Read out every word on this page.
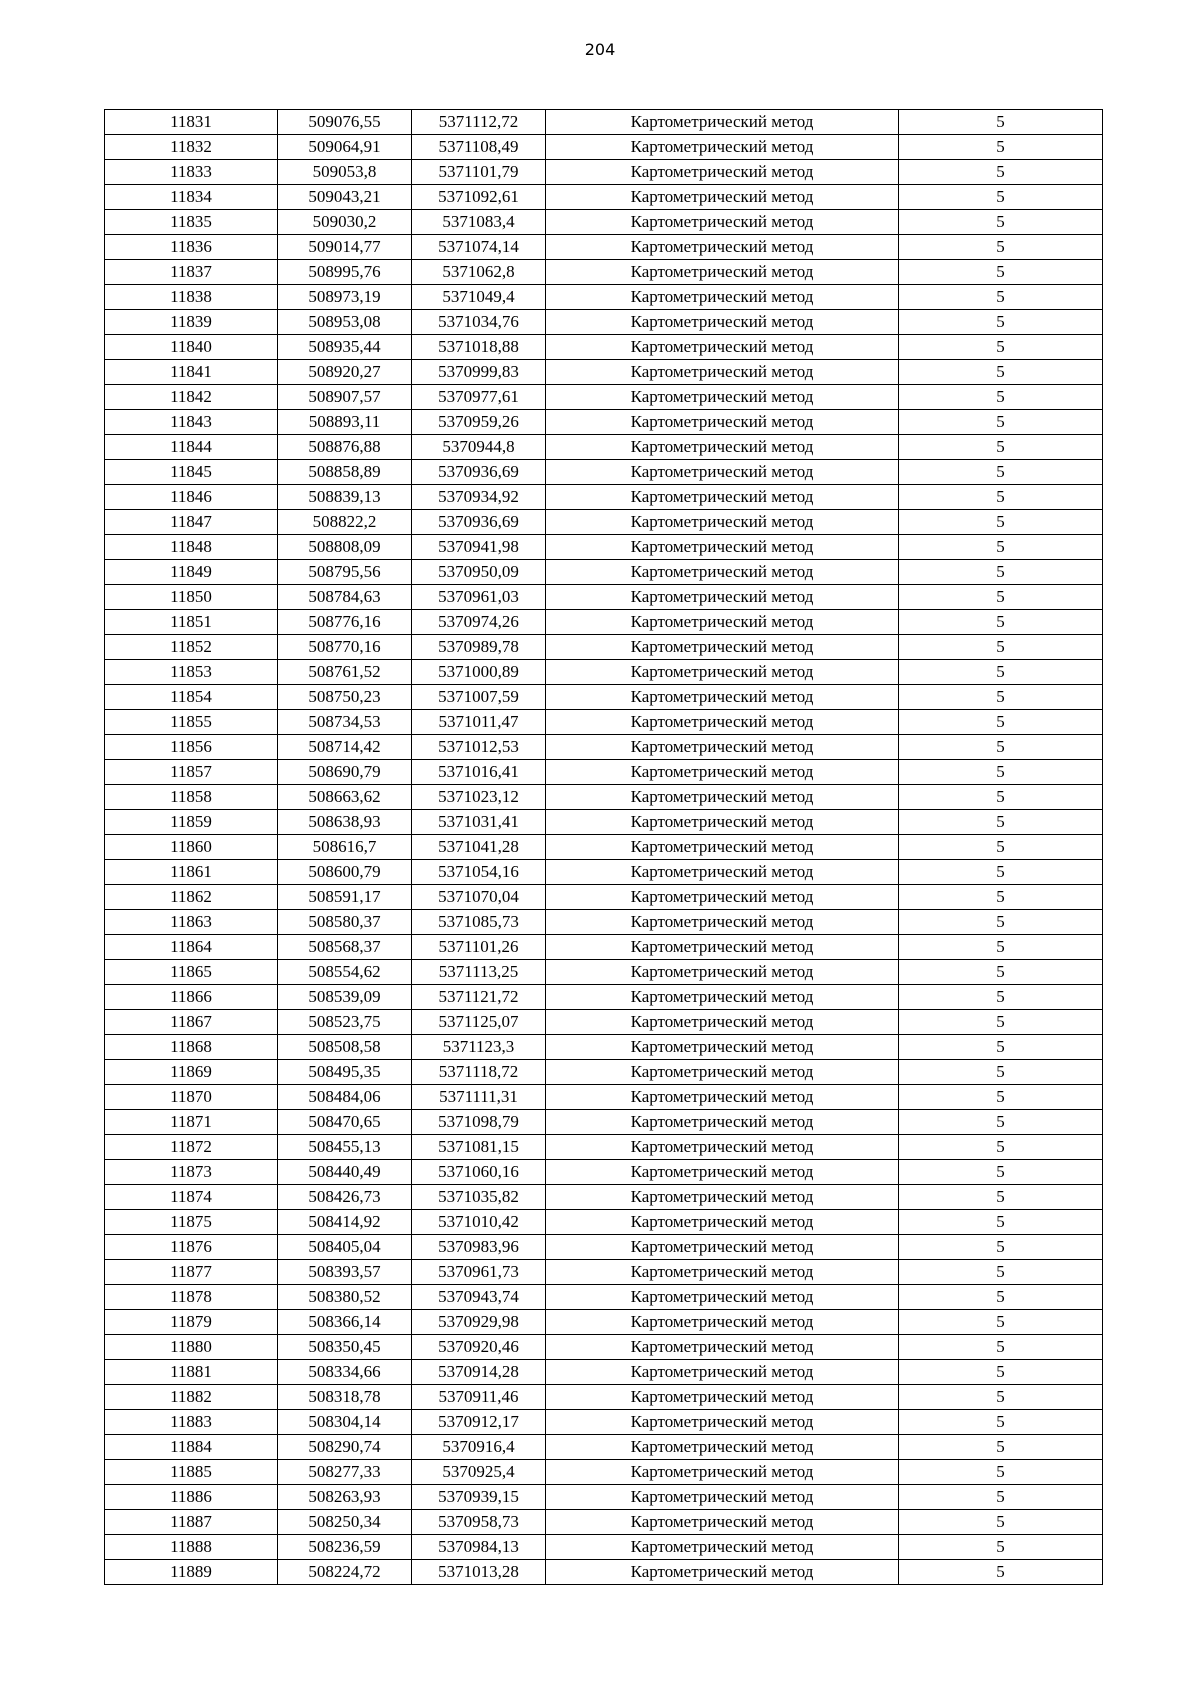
204
11831	509076,55	5371112,72	Картометрический метод	5
11832	509064,91	5371108,49	Картометрический метод	5
11833	509053,8	5371101,79	Картометрический метод	5
11834	509043,21	5371092,61	Картометрический метод	5
11835	509030,2	5371083,4	Картометрический метод	5
11836	509014,77	5371074,14	Картометрический метод	5
11837	508995,76	5371062,8	Картометрический метод	5
11838	508973,19	5371049,4	Картометрический метод	5
11839	508953,08	5371034,76	Картометрический метод	5
11840	508935,44	5371018,88	Картометрический метод	5
11841	508920,27	5370999,83	Картометрический метод	5
11842	508907,57	5370977,61	Картометрический метод	5
11843	508893,11	5370959,26	Картометрический метод	5
11844	508876,88	5370944,8	Картометрический метод	5
11845	508858,89	5370936,69	Картометрический метод	5
11846	508839,13	5370934,92	Картометрический метод	5
11847	508822,2	5370936,69	Картометрический метод	5
11848	508808,09	5370941,98	Картометрический метод	5
11849	508795,56	5370950,09	Картометрический метод	5
11850	508784,63	5370961,03	Картометрический метод	5
11851	508776,16	5370974,26	Картометрический метод	5
11852	508770,16	5370989,78	Картометрический метод	5
11853	508761,52	5371000,89	Картометрический метод	5
11854	508750,23	5371007,59	Картометрический метод	5
11855	508734,53	5371011,47	Картометрический метод	5
11856	508714,42	5371012,53	Картометрический метод	5
11857	508690,79	5371016,41	Картометрический метод	5
11858	508663,62	5371023,12	Картометрический метод	5
11859	508638,93	5371031,41	Картометрический метод	5
11860	508616,7	5371041,28	Картометрический метод	5
11861	508600,79	5371054,16	Картометрический метод	5
11862	508591,17	5371070,04	Картометрический метод	5
11863	508580,37	5371085,73	Картометрический метод	5
11864	508568,37	5371101,26	Картометрический метод	5
11865	508554,62	5371113,25	Картометрический метод	5
11866	508539,09	5371121,72	Картометрический метод	5
11867	508523,75	5371125,07	Картометрический метод	5
11868	508508,58	5371123,3	Картометрический метод	5
11869	508495,35	5371118,72	Картометрический метод	5
11870	508484,06	5371111,31	Картометрический метод	5
11871	508470,65	5371098,79	Картометрический метод	5
11872	508455,13	5371081,15	Картометрический метод	5
11873	508440,49	5371060,16	Картометрический метод	5
11874	508426,73	5371035,82	Картометрический метод	5
11875	508414,92	5371010,42	Картометрический метод	5
11876	508405,04	5370983,96	Картометрический метод	5
11877	508393,57	5370961,73	Картометрический метод	5
11878	508380,52	5370943,74	Картометрический метод	5
11879	508366,14	5370929,98	Картометрический метод	5
11880	508350,45	5370920,46	Картометрический метод	5
11881	508334,66	5370914,28	Картометрический метод	5
11882	508318,78	5370911,46	Картометрический метод	5
11883	508304,14	5370912,17	Картометрический метод	5
11884	508290,74	5370916,4	Картометрический метод	5
11885	508277,33	5370925,4	Картометрический метод	5
11886	508263,93	5370939,15	Картометрический метод	5
11887	508250,34	5370958,73	Картометрический метод	5
11888	508236,59	5370984,13	Картометрический метод	5
11889	508224,72	5371013,28	Картометрический метод	5
